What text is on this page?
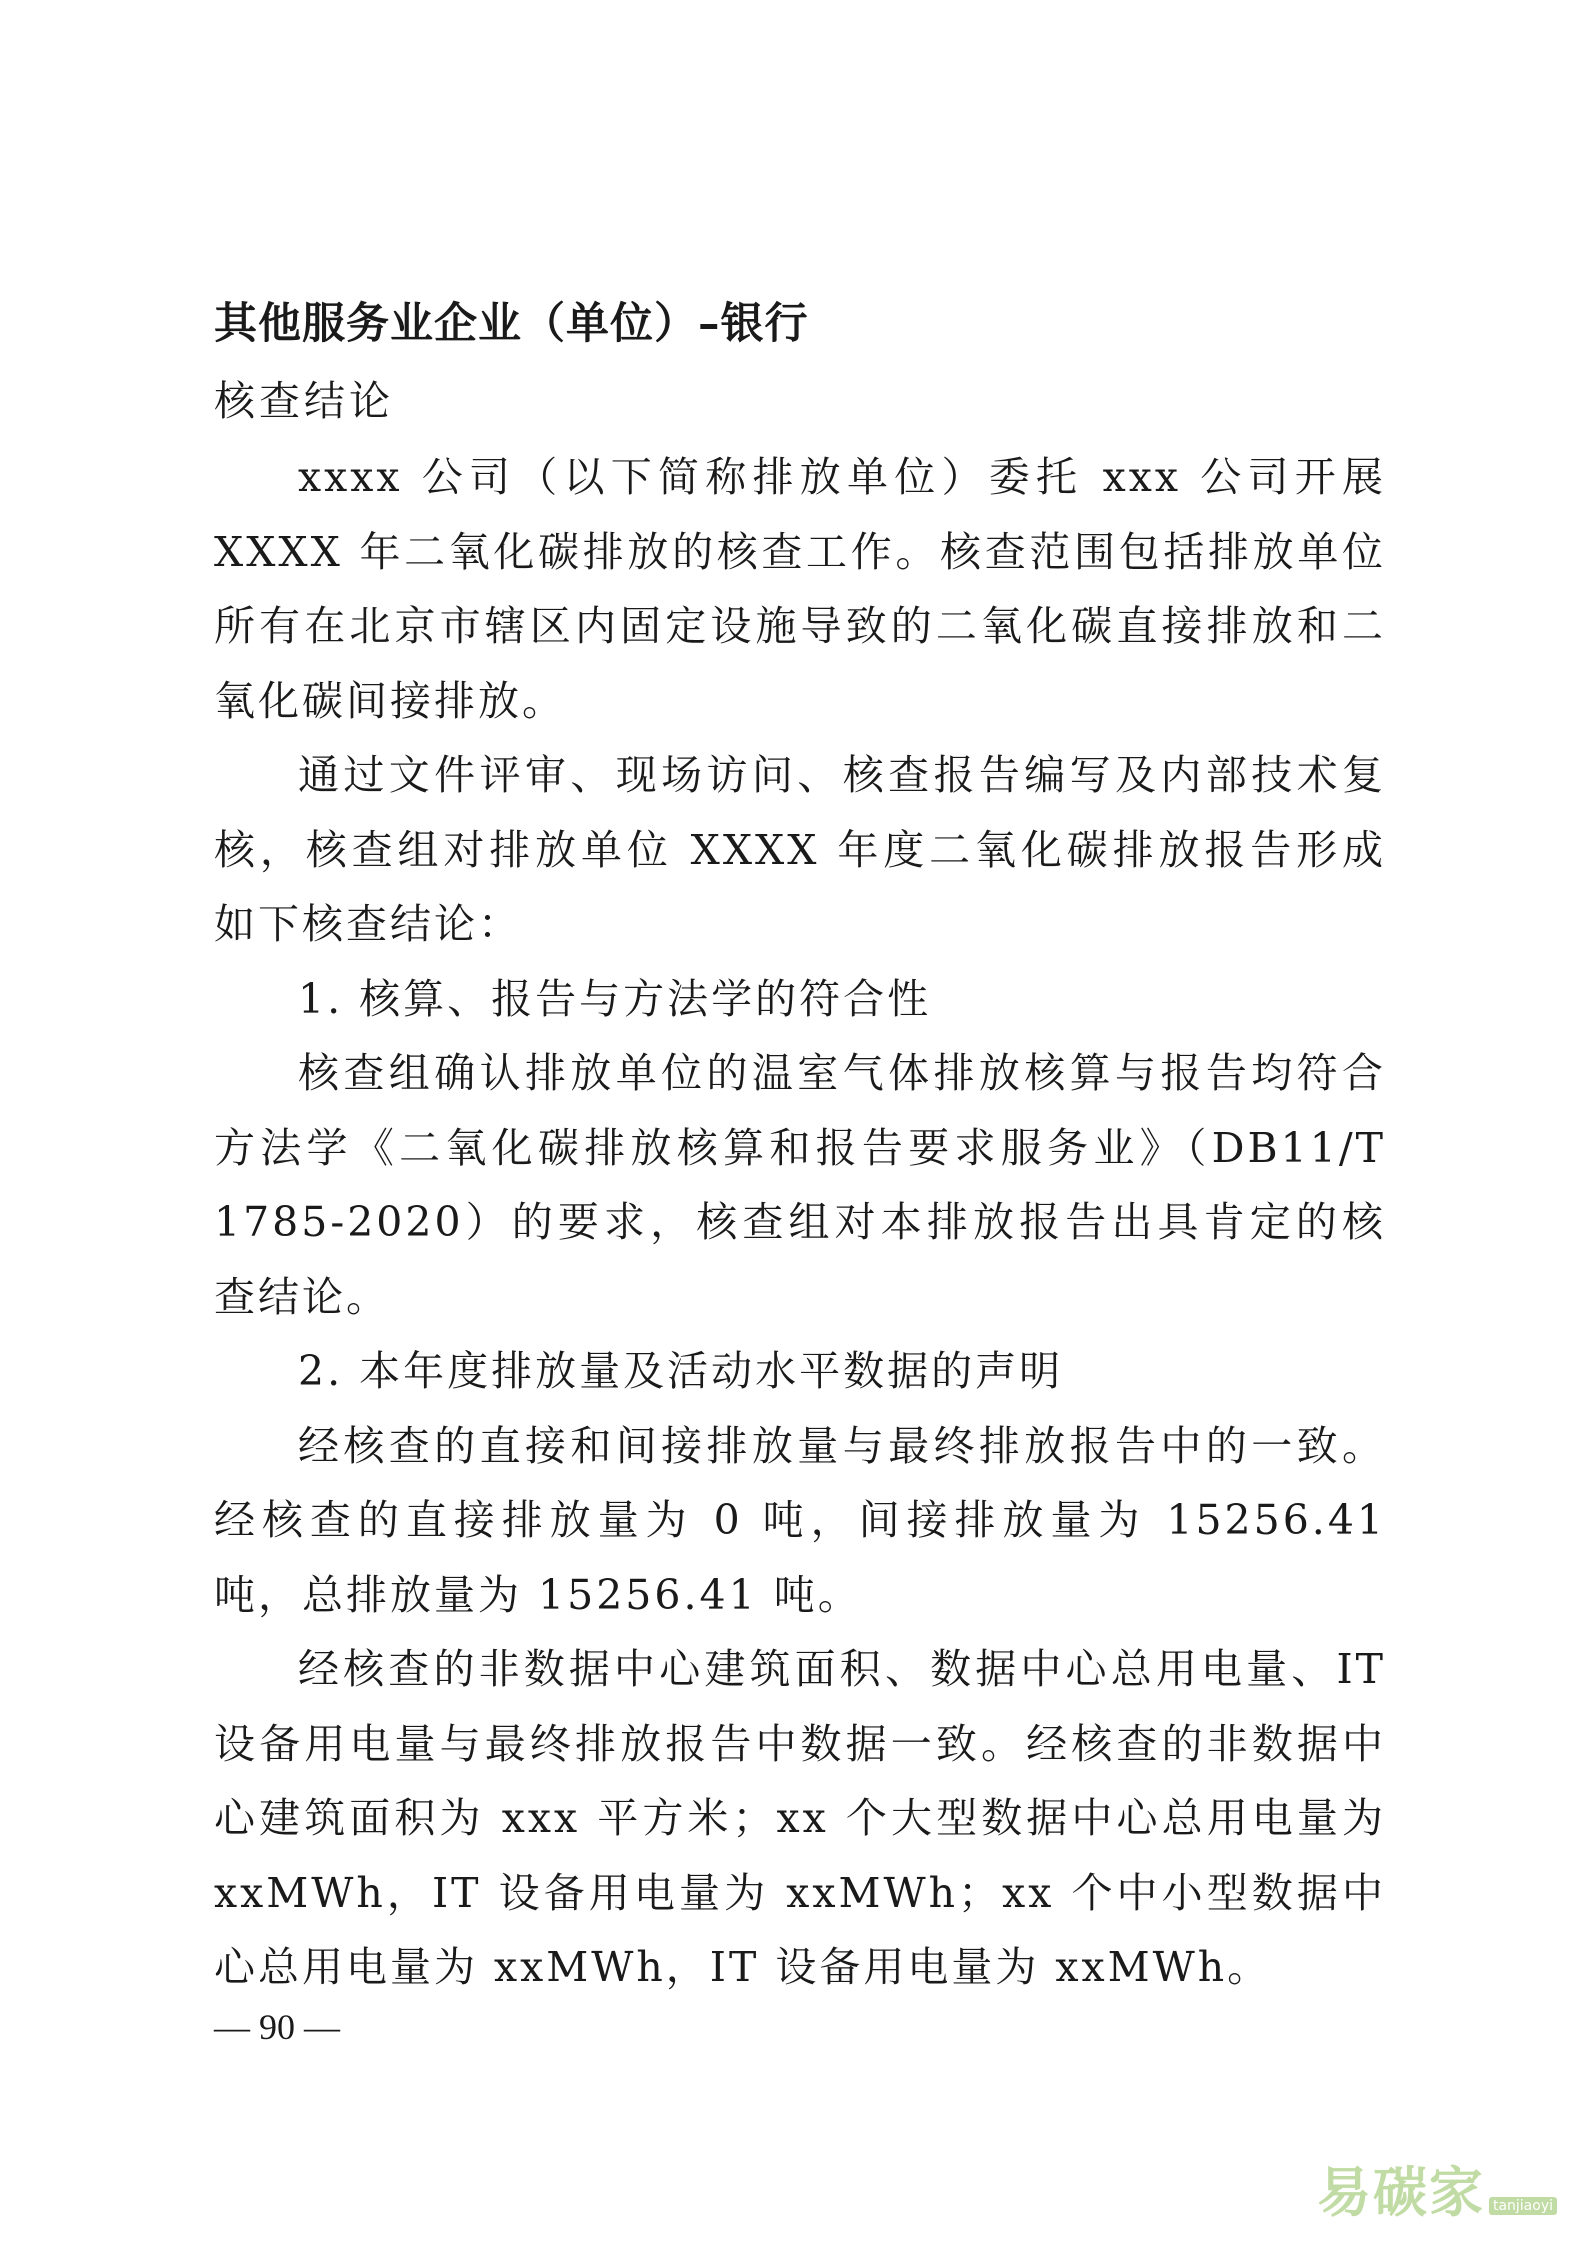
其他服务业企业（单位）–银行
核查结论

xxxx 公司（以下简称排放单位）委托 xxx 公司开展 XXXX 年二氧化碳排放的核查工作。核查范围包括排放单位所有在北京市辖区内固定设施导致的二氧化碳直接排放和二氧化碳间接排放。

通过文件评审、现场访问、核查报告编写及内部技术复核，核查组对排放单位 XXXX 年度二氧化碳排放报告形成如下核查结论：

1. 核算、报告与方法学的符合性

核查组确认排放单位的温室气体排放核算与报告均符合方法学《二氧化碳排放核算和报告要求服务业》（DB11/T 1785-2020）的要求，核查组对本排放报告出具肯定的核查结论。

2. 本年度排放量及活动水平数据的声明

经核查的直接和间接排放量与最终排放报告中的一致。经核查的直接排放量为 0 吨，间接排放量为 15256.41 吨，总排放量为 15256.41 吨。

经核查的非数据中心建筑面积、数据中心总用电量、IT 设备用电量与最终排放报告中数据一致。经核查的非数据中心建筑面积为 xxx 平方米；xx 个大型数据中心总用电量为 xxMWh，IT 设备用电量为 xxMWh；xx 个中小型数据中心总用电量为 xxMWh，IT 设备用电量为 xxMWh。

— 90 —
易碳家 tanjiaoyi
